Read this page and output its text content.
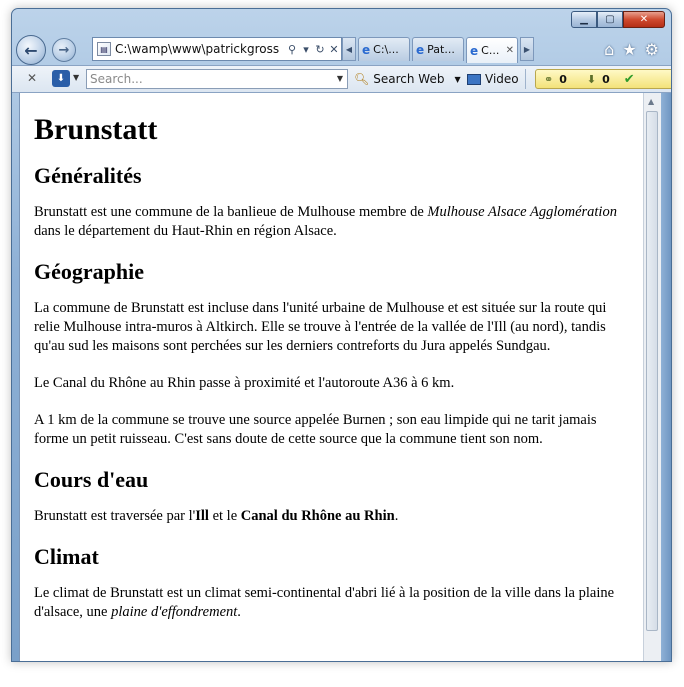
▁	▢	✕
← →	▤ C:\wamp\www\patrickgross ⚲ ▾ ↻ ✕ ◀ e C:\...	e Pat...	e C... ✕	▶	⌂ ★ ⚙
✕	⬇ ▼ Search...	▼ 🔍︎ Search Web ▼ Video ⚭ 0 ⬇ 0 ✔
Brunstatt
Généralités

Brunstatt est une commune de la banlieue de Mulhouse membre de Mulhouse Alsace Agglomération dans le département du Haut-Rhin en région Alsace.

Géographie

La commune de Brunstatt est incluse dans l'unité urbaine de Mulhouse et est située sur la route qui relie Mulhouse intra-muros à Altkirch. Elle se trouve à l'entrée de la vallée de l'Ill (au nord), tandis qu'au sud les maisons sont perchées sur les derniers contreforts du Jura appelés Sundgau.

Le Canal du Rhône au Rhin passe à proximité et l'autoroute A36 à 6 km.

A 1 km de la commune se trouve une source appelée Burnen ; son eau limpide qui ne tarit jamais forme un petit ruisseau. C'est sans doute de cette source que la commune tient son nom.

Cours d'eau

Brunstatt est traversée par l'Ill et le Canal du Rhône au Rhin.

Climat

Le climat de Brunstatt est un climat semi-continental d'abri lié à la position de la ville dans la plaine d'alsace, une plaine d'effondrement.

▲
